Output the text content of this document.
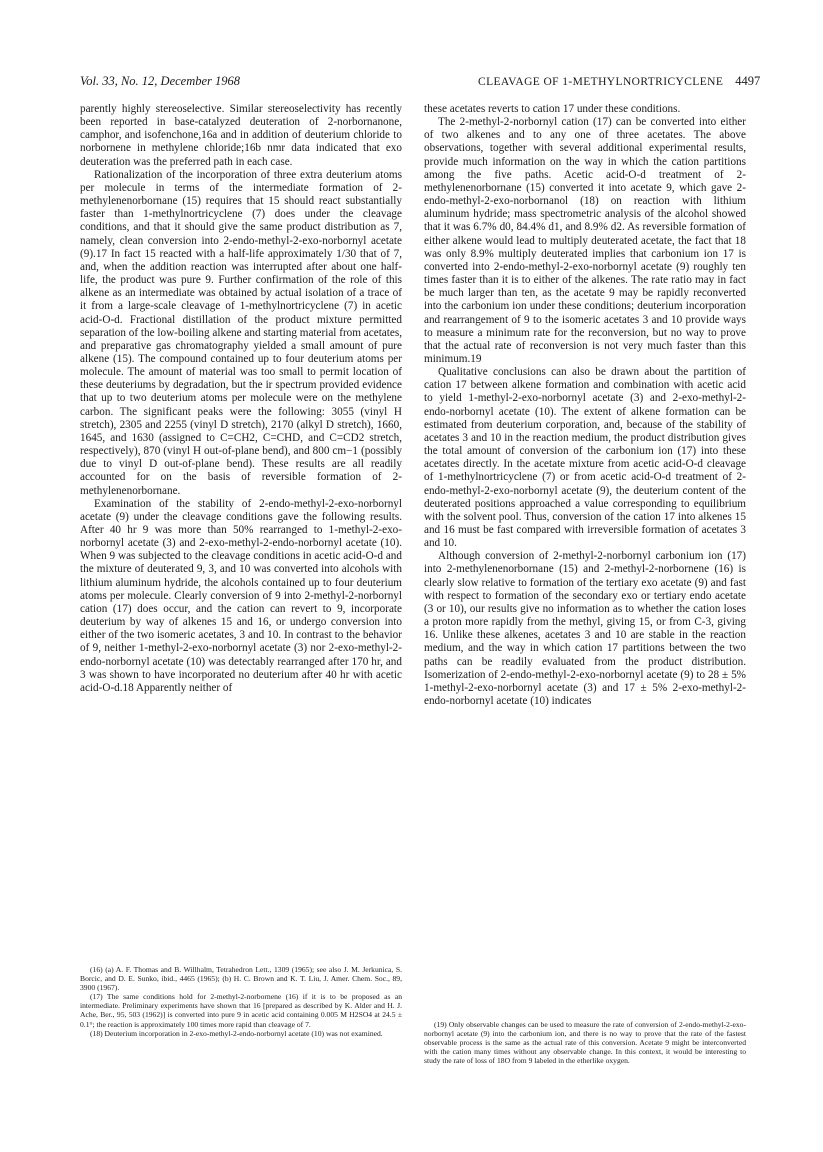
Vol. 33, No. 12, December 1968	CLEAVAGE OF 1-METHYLNORTRICYCLENE 4497

parently highly stereoselective. Similar stereoselectivity has recently been reported in base-catalyzed deuteration of 2-norbornanone, camphor, and isofenchone,16a and in addition of deuterium chloride to norbornene in methylene chloride;16b nmr data indicated that exo deuteration was the preferred path in each case.

Rationalization of the incorporation of three extra deuterium atoms per molecule in terms of the intermediate formation of 2-methylenenorbornane (15) requires that 15 should react substantially faster than 1-methylnortricyclene (7) does under the cleavage conditions, and that it should give the same product distribution as 7, namely, clean conversion into 2-endo-methyl-2-exo-norbornyl acetate (9).17 In fact 15 reacted with a half-life approximately 1/30 that of 7, and, when the addition reaction was interrupted after about one half-life, the product was pure 9. Further confirmation of the role of this alkene as an intermediate was obtained by actual isolation of a trace of it from a large-scale cleavage of 1-methylnortricyclene (7) in acetic acid-O-d. Fractional distillation of the product mixture permitted separation of the low-boiling alkene and starting material from acetates, and preparative gas chromatography yielded a small amount of pure alkene (15). The compound contained up to four deuterium atoms per molecule. The amount of material was too small to permit location of these deuteriums by degradation, but the ir spectrum provided evidence that up to two deuterium atoms per molecule were on the methylene carbon. The significant peaks were the following: 3055 (vinyl H stretch), 2305 and 2255 (vinyl D stretch), 2170 (alkyl D stretch), 1660, 1645, and 1630 (assigned to C=CH2, C=CHD, and C=CD2 stretch, respectively), 870 (vinyl H out-of-plane bend), and 800 cm−1 (possibly due to vinyl D out-of-plane bend). These results are all readily accounted for on the basis of reversible formation of 2-methylenenorbornane.

Examination of the stability of 2-endo-methyl-2-exo-norbornyl acetate (9) under the cleavage conditions gave the following results. After 40 hr 9 was more than 50% rearranged to 1-methyl-2-exo-norbornyl acetate (3) and 2-exo-methyl-2-endo-norbornyl acetate (10). When 9 was subjected to the cleavage conditions in acetic acid-O-d and the mixture of deuterated 9, 3, and 10 was converted into alcohols with lithium aluminum hydride, the alcohols contained up to four deuterium atoms per molecule. Clearly conversion of 9 into 2-methyl-2-norbornyl cation (17) does occur, and the cation can revert to 9, incorporate deuterium by way of alkenes 15 and 16, or undergo conversion into either of the two isomeric acetates, 3 and 10. In contrast to the behavior of 9, neither 1-methyl-2-exo-norbornyl acetate (3) nor 2-exo-methyl-2-endo-norbornyl acetate (10) was detectably rearranged after 170 hr, and 3 was shown to have incorporated no deuterium after 40 hr with acetic acid-O-d.18 Apparently neither of

these acetates reverts to cation 17 under these conditions.

The 2-methyl-2-norbornyl cation (17) can be converted into either of two alkenes and to any one of three acetates. The above observations, together with several additional experimental results, provide much information on the way in which the cation partitions among the five paths. Acetic acid-O-d treatment of 2-methylenenorbornane (15) converted it into acetate 9, which gave 2-endo-methyl-2-exo-norbornanol (18) on reaction with lithium aluminum hydride; mass spectrometric analysis of the alcohol showed that it was 6.7% d0, 84.4% d1, and 8.9% d2. As reversible formation of either alkene would lead to multiply deuterated acetate, the fact that 18 was only 8.9% multiply deuterated implies that carbonium ion 17 is converted into 2-endo-methyl-2-exo-norbornyl acetate (9) roughly ten times faster than it is to either of the alkenes. The rate ratio may in fact be much larger than ten, as the acetate 9 may be rapidly reconverted into the carbonium ion under these conditions; deuterium incorporation and rearrangement of 9 to the isomeric acetates 3 and 10 provide ways to measure a minimum rate for the reconversion, but no way to prove that the actual rate of reconversion is not very much faster than this minimum.19

Qualitative conclusions can also be drawn about the partition of cation 17 between alkene formation and combination with acetic acid to yield 1-methyl-2-exo-norbornyl acetate (3) and 2-exo-methyl-2-endo-norbornyl acetate (10). The extent of alkene formation can be estimated from deuterium corporation, and, because of the stability of acetates 3 and 10 in the reaction medium, the product distribution gives the total amount of conversion of the carbonium ion (17) into these acetates directly. In the acetate mixture from acetic acid-O-d cleavage of 1-methylnortricyclene (7) or from acetic acid-O-d treatment of 2-endo-methyl-2-exo-norbornyl acetate (9), the deuterium content of the deuterated positions approached a value corresponding to equilibrium with the solvent pool. Thus, conversion of the cation 17 into alkenes 15 and 16 must be fast compared with irreversible formation of acetates 3 and 10.

Although conversion of 2-methyl-2-norbornyl carbonium ion (17) into 2-methylenenorbornane (15) and 2-methyl-2-norbornene (16) is clearly slow relative to formation of the tertiary exo acetate (9) and fast with respect to formation of the secondary exo or tertiary endo acetate (3 or 10), our results give no information as to whether the cation loses a proton more rapidly from the methyl, giving 15, or from C-3, giving 16. Unlike these alkenes, acetates 3 and 10 are stable in the reaction medium, and the way in which cation 17 partitions between the two paths can be readily evaluated from the product distribution. Isomerization of 2-endo-methyl-2-exo-norbornyl acetate (9) to 28 ± 5% 1-methyl-2-exo-norbornyl acetate (3) and 17 ± 5% 2-exo-methyl-2-endo-norbornyl acetate (10) indicates

(16) (a) A. F. Thomas and B. Willhalm, Tetrahedron Lett., 1309 (1965); see also J. M. Jerkunica, S. Borcic, and D. E. Sunko, ibid., 4465 (1965); (b) H. C. Brown and K. T. Liu, J. Amer. Chem. Soc., 89, 3900 (1967).

(17) The same conditions hold for 2-methyl-2-norbornene (16) if it is to be proposed as an intermediate. Preliminary experiments have shown that 16 [prepared as described by K. Alder and H. J. Ache, Ber., 95, 503 (1962)] is converted into pure 9 in acetic acid containing 0.005 M H2SO4 at 24.5 ± 0.1°; the reaction is approximately 100 times more rapid than cleavage of 7.

(18) Deuterium incorporation in 2-exo-methyl-2-endo-norbornyl acetate (10) was not examined.

(19) Only observable changes can be used to measure the rate of conversion of 2-endo-methyl-2-exo-norbornyl acetate (9) into the carbonium ion, and there is no way to prove that the rate of the fastest observable process is the same as the actual rate of this conversion. Acetate 9 might be interconverted with the cation many times without any observable change. In this context, it would be interesting to study the rate of loss of 18O from 9 labeled in the etherlike oxygen.
